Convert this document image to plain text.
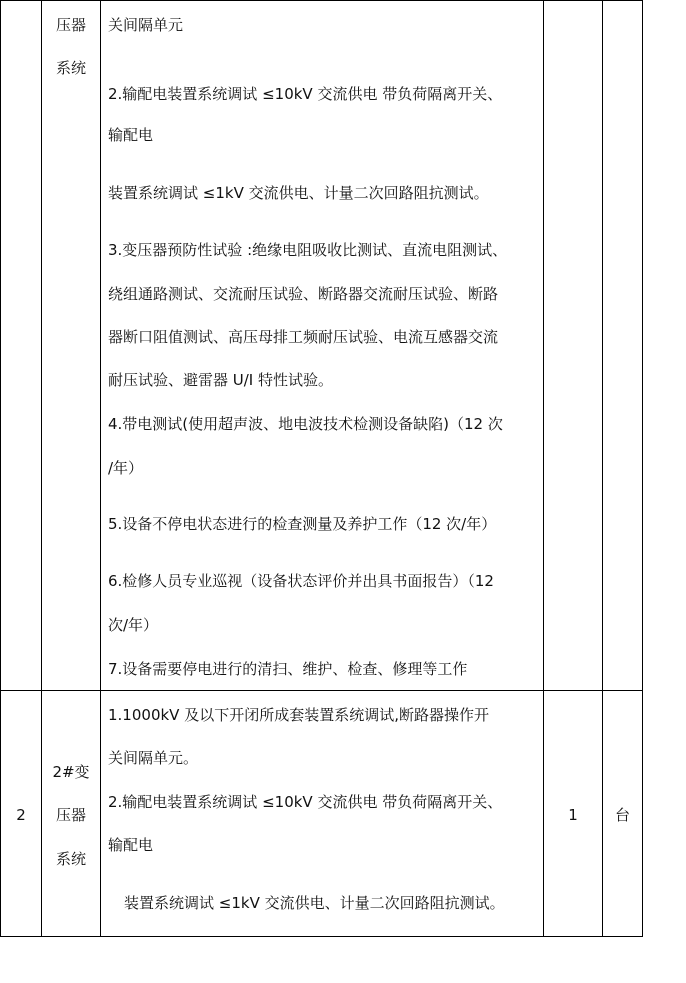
压器
系统
关间隔单元
2.输配电装置系统调试 ≤10kV 交流供电 带负荷隔离开关、
输配电
装置系统调试 ≤1kV 交流供电、计量二次回路阻抗测试。
3.变压器预防性试验 :绝缘电阻吸收比测试、直流电阻测试、
绕组通路测试、交流耐压试验、断路器交流耐压试验、断路
器断口阻值测试、高压母排工频耐压试验、电流互感器交流
耐压试验、避雷器 U/I 特性试验。
4.带电测试(使用超声波、地电波技术检测设备缺陷)（12 次
/年）
5.设备不停电状态进行的检查测量及养护工作（12 次/年）
6.检修人员专业巡视（设备状态评价并出具书面报告）（12
次/年）
7.设备需要停电进行的清扫、维护、检查、修理等工作
2
2#变
压器
系统
1.1000kV 及以下开闭所成套装置系统调试,断路器操作开
关间隔单元。
2.输配电装置系统调试 ≤10kV 交流供电 带负荷隔离开关、
输配电
装置系统调试 ≤1kV 交流供电、计量二次回路阻抗测试。
1	台
